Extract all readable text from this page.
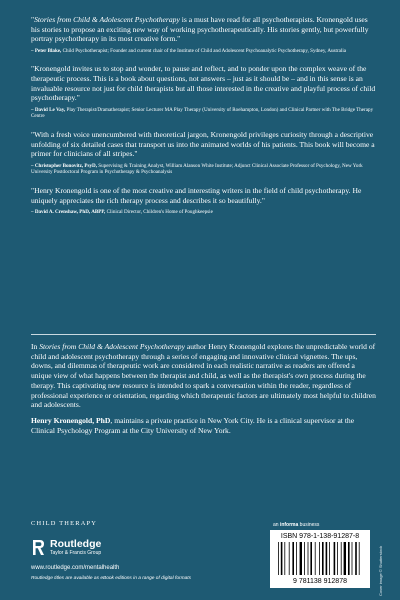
"Stories from Child & Adolescent Psychotherapy is a must have read for all psychotherapists. Kronengold uses his stories to propose an exciting new way of working psychotherapeutically. His stories gently, but powerfully portray psychotherapy in its most creative form."

– Peter Blake, Child Psychotherapist; Founder and current chair of the Institute of Child and Adolescent Psychoanalytic Psychotherapy, Sydney, Australia

"Kronengold invites us to stop and wonder, to pause and reflect, and to ponder upon the complex weave of the therapeutic process. This is a book about questions, not answers – just as it should be – and in this sense is an invaluable resource not just for child therapists but all those interested in the creative and playful process of child psychotherapy."

– David Le Vay, Play Therapist/Dramatherapist; Senior Lecturer MA Play Therapy (University of Roehampton, London) and Clinical Partner with The Bridge Therapy Centre

"With a fresh voice unencumbered with theoretical jargon, Kronengold privileges curiosity through a descriptive unfolding of six detailed cases that transport us into the animated worlds of his patients. This book will become a primer for clinicians of all stripes."

– Christopher Bonovitz, PsyD, Supervising & Training Analyst, William Alanson White Institute; Adjunct Clinical Associate Professor of Psychology, New York University Postdoctoral Program in Psychotherapy & Psychoanalysis

"Henry Kronengold is one of the most creative and interesting writers in the field of child psychotherapy. He uniquely appreciates the rich therapy process and describes it so beautifully."

– David A. Crenshaw, PhD, ABPP, Clinical Director, Children's Home of Poughkeepsie

In Stories from Child & Adolescent Psychotherapy author Henry Kronengold explores the unpredictable world of child and adolescent psychotherapy through a series of engaging and innovative clinical vignettes. The ups, downs, and dilemmas of therapeutic work are considered in each realistic narrative as readers are offered a unique view of what happens between the therapist and child, as well as the therapist's own process during the therapy. This captivating new resource is intended to spark a conversation within the reader, regardless of professional experience or orientation, regarding which therapeutic factors are ultimately most helpful to children and adolescents.

Henry Kronengold, PhD, maintains a private practice in New York City. He is a clinical supervisor at the Clinical Psychology Program at the City University of New York.

CHILD THERAPY
Routledge
Taylor & Francis Group
www.routledge.com/mentalhealth
Routledge titles are available as eBook editions in a range of digital formats
an informa business
ISBN 978-1-138-91287-8
9 781138 912878	Cover image © Shutterstock
